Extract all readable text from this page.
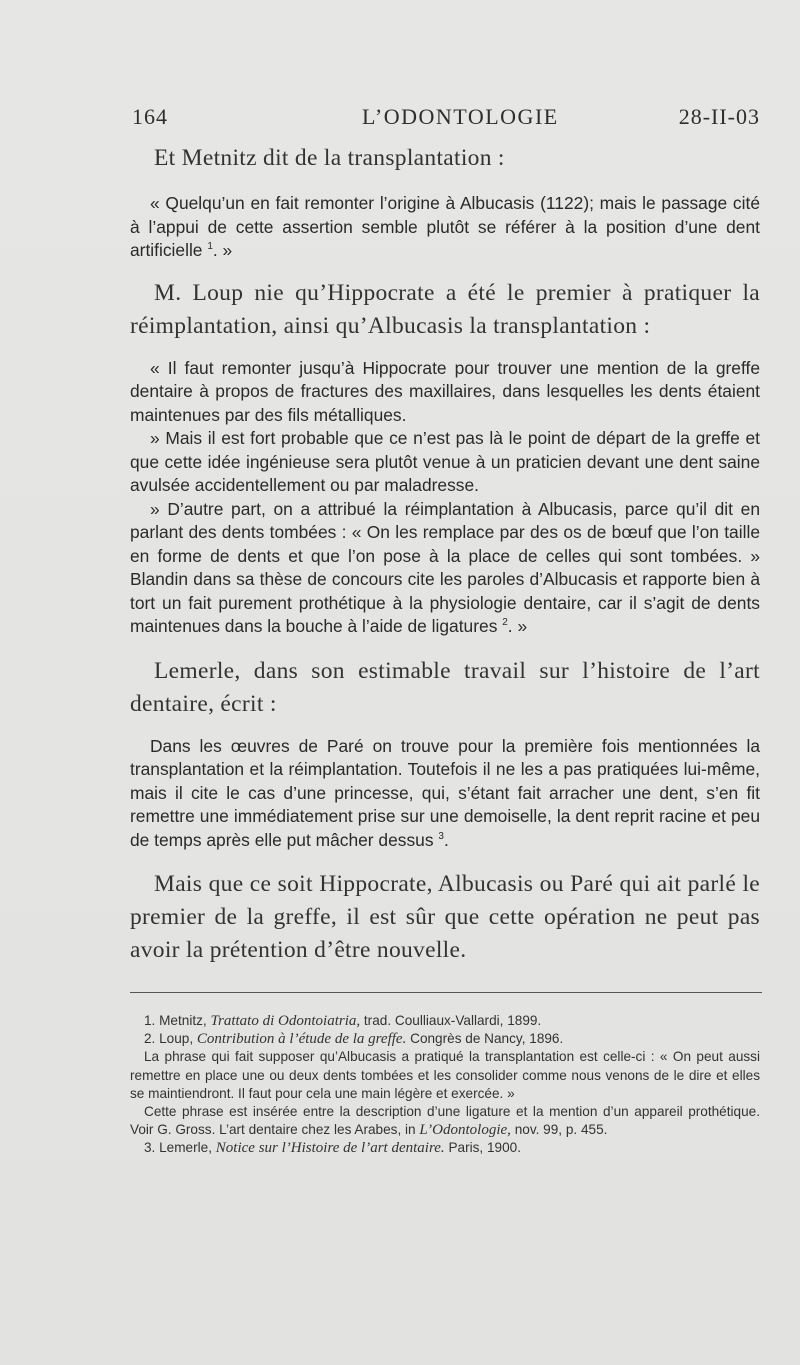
164	L’ODONTOLOGIE	28-II-03

Et Metnitz dit de la transplantation :

« Quelqu’un en fait remonter l’origine à Albucasis (1122); mais le passage cité à l’appui de cette assertion semble plutôt se référer à la position d’une dent artificielle $^1$. »

M. Loup nie qu’Hippocrate a été le premier à pratiquer la réimplantation, ainsi qu’Albucasis la transplantation :

« Il faut remonter jusqu’à Hippocrate pour trouver une mention de la greffe dentaire à propos de fractures des maxillaires, dans lesquelles les dents étaient maintenues par des fils métalliques.

» Mais il est fort probable que ce n’est pas là le point de départ de la greffe et que cette idée ingénieuse sera plutôt venue à un praticien devant une dent saine avulsée accidentellement ou par maladresse.

» D’autre part, on a attribué la réimplantation à Albucasis, parce qu’il dit en parlant des dents tombées : « On les remplace par des os de bœuf que l’on taille en forme de dents et que l’on pose à la place de celles qui sont tombées. » Blandin dans sa thèse de concours cite les paroles d’Albucasis et rapporte bien à tort un fait purement prothétique à la physiologie dentaire, car il s’agit de dents maintenues dans la bouche à l’aide de ligatures $^2$. »

Lemerle, dans son estimable travail sur l’histoire de l’art dentaire, écrit :

Dans les œuvres de Paré on trouve pour la première fois mentionnées la transplantation et la réimplantation. Toutefois il ne les a pas pratiquées lui-même, mais il cite le cas d’une princesse, qui, s’étant fait arracher une dent, s’en fit remettre une immédiatement prise sur une demoiselle, la dent reprit racine et peu de temps après elle put mâcher dessus $^3$.

Mais que ce soit Hippocrate, Albucasis ou Paré qui ait parlé le premier de la greffe, il est sûr que cette opération ne peut pas avoir la prétention d’être nouvelle.

1. Metnitz, Trattato di Odontoiatria, trad. Coulliaux-Vallardi, 1899.

2. Loup, Contribution à l’étude de la greffe. Congrès de Nancy, 1896.

La phrase qui fait supposer qu’Albucasis a pratiqué la transplantation est celle-ci : « On peut aussi remettre en place une ou deux dents tombées et les consolider comme nous venons de le dire et elles se maintiendront. Il faut pour cela une main légère et exercée. »

Cette phrase est insérée entre la description d’une ligature et la mention d’un appareil prothétique. Voir G. Gross. L’art dentaire chez les Arabes, in L’Odontologie, nov. 99, p. 455.

3. Lemerle, Notice sur l’Histoire de l’art dentaire. Paris, 1900.
